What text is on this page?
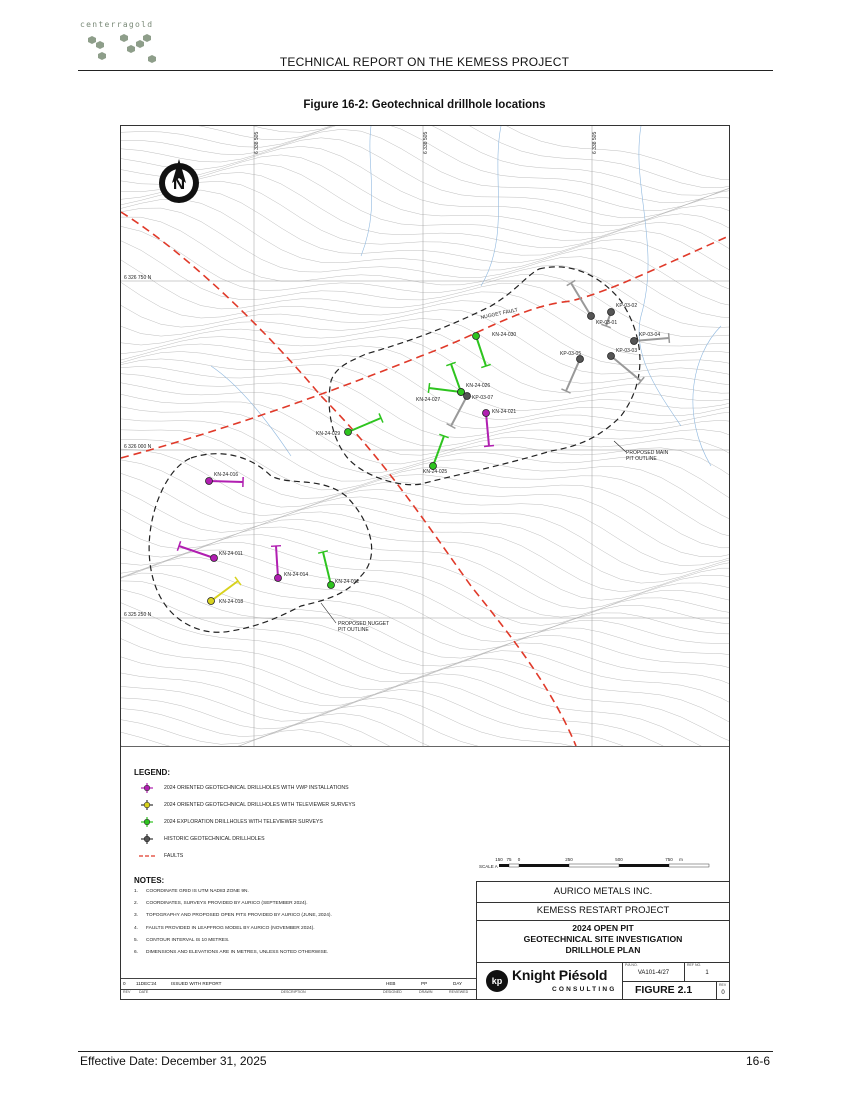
centerragold
TECHNICAL REPORT ON THE KEMESS PROJECT
Figure 16-2: Geotechnical drillhole locations
6 326 750 N
6 326 000 N
6 325 250 N
6 338 505	6 338 505	6 338 505
N
NUGGET FAULT
PROPOSED MAIN
PIT OUTLINE
PROPOSED NUGGET
PIT OUTLINE
KN-24-030
KN-24-026
KN-24-027
KN-24-021
KN-24-029
KN-24-025
KN-24-016
KN-24-011
KN-24-014
KN-24-012
KN-24-018
KP-03-02
KP-03-01
KP-03-04
KP-03-03
KP-03-05
KP-03-07
LEGEND:
2024 ORIENTED GEOTECHNICAL DRILLHOLES WITH VWP INSTALLATIONS
2024 ORIENTED GEOTECHNICAL DRILLHOLES WITH TELEVIEWER SURVEYS
2024 EXPLORATION DRILLHOLES WITH TELEVIEWER SURVEYS
HISTORIC GEOTECHNICAL DRILLHOLES
FAULTS
NOTES:
1. COORDINATE GRID IS UTM NAD83 ZONE 9N.
2. COORDINATES, SURVEYS PROVIDED BY AURICO (SEPTEMBER 2024).
3. TOPOGRAPHY AND PROPOSED OPEN PITS PROVIDED BY AURICO (JUNE, 2024).
4. FAULTS PROVIDED IN LEAPFROG MODEL BY AURICO (NOVEMBER 2024).
5. CONTOUR INTERVAL IS 10 METRES.
6. DIMENSIONS AND ELEVATIONS ARE IN METRES, UNLESS NOTED OTHERWISE.
SCALE A
150 75 0	250	500	750 m
0 11DEC'24	ISSUED WITH REPORT	HEB	PP	DAY
REV DATE	DESCRIPTION	DESIGNED	DRAWN	REVIEWED
AURICO METALS INC.
KEMESS RESTART PROJECT
2024 OPEN PIT
GEOTECHNICAL SITE INVESTIGATION
DRILLHOLE PLAN
kp Knight Piésold
CONSULTING
P/A NO.
VA101-4/27
REF NO.
1
FIGURE 2.1	REV
0
Effective Date: December 31, 2025	16-6
